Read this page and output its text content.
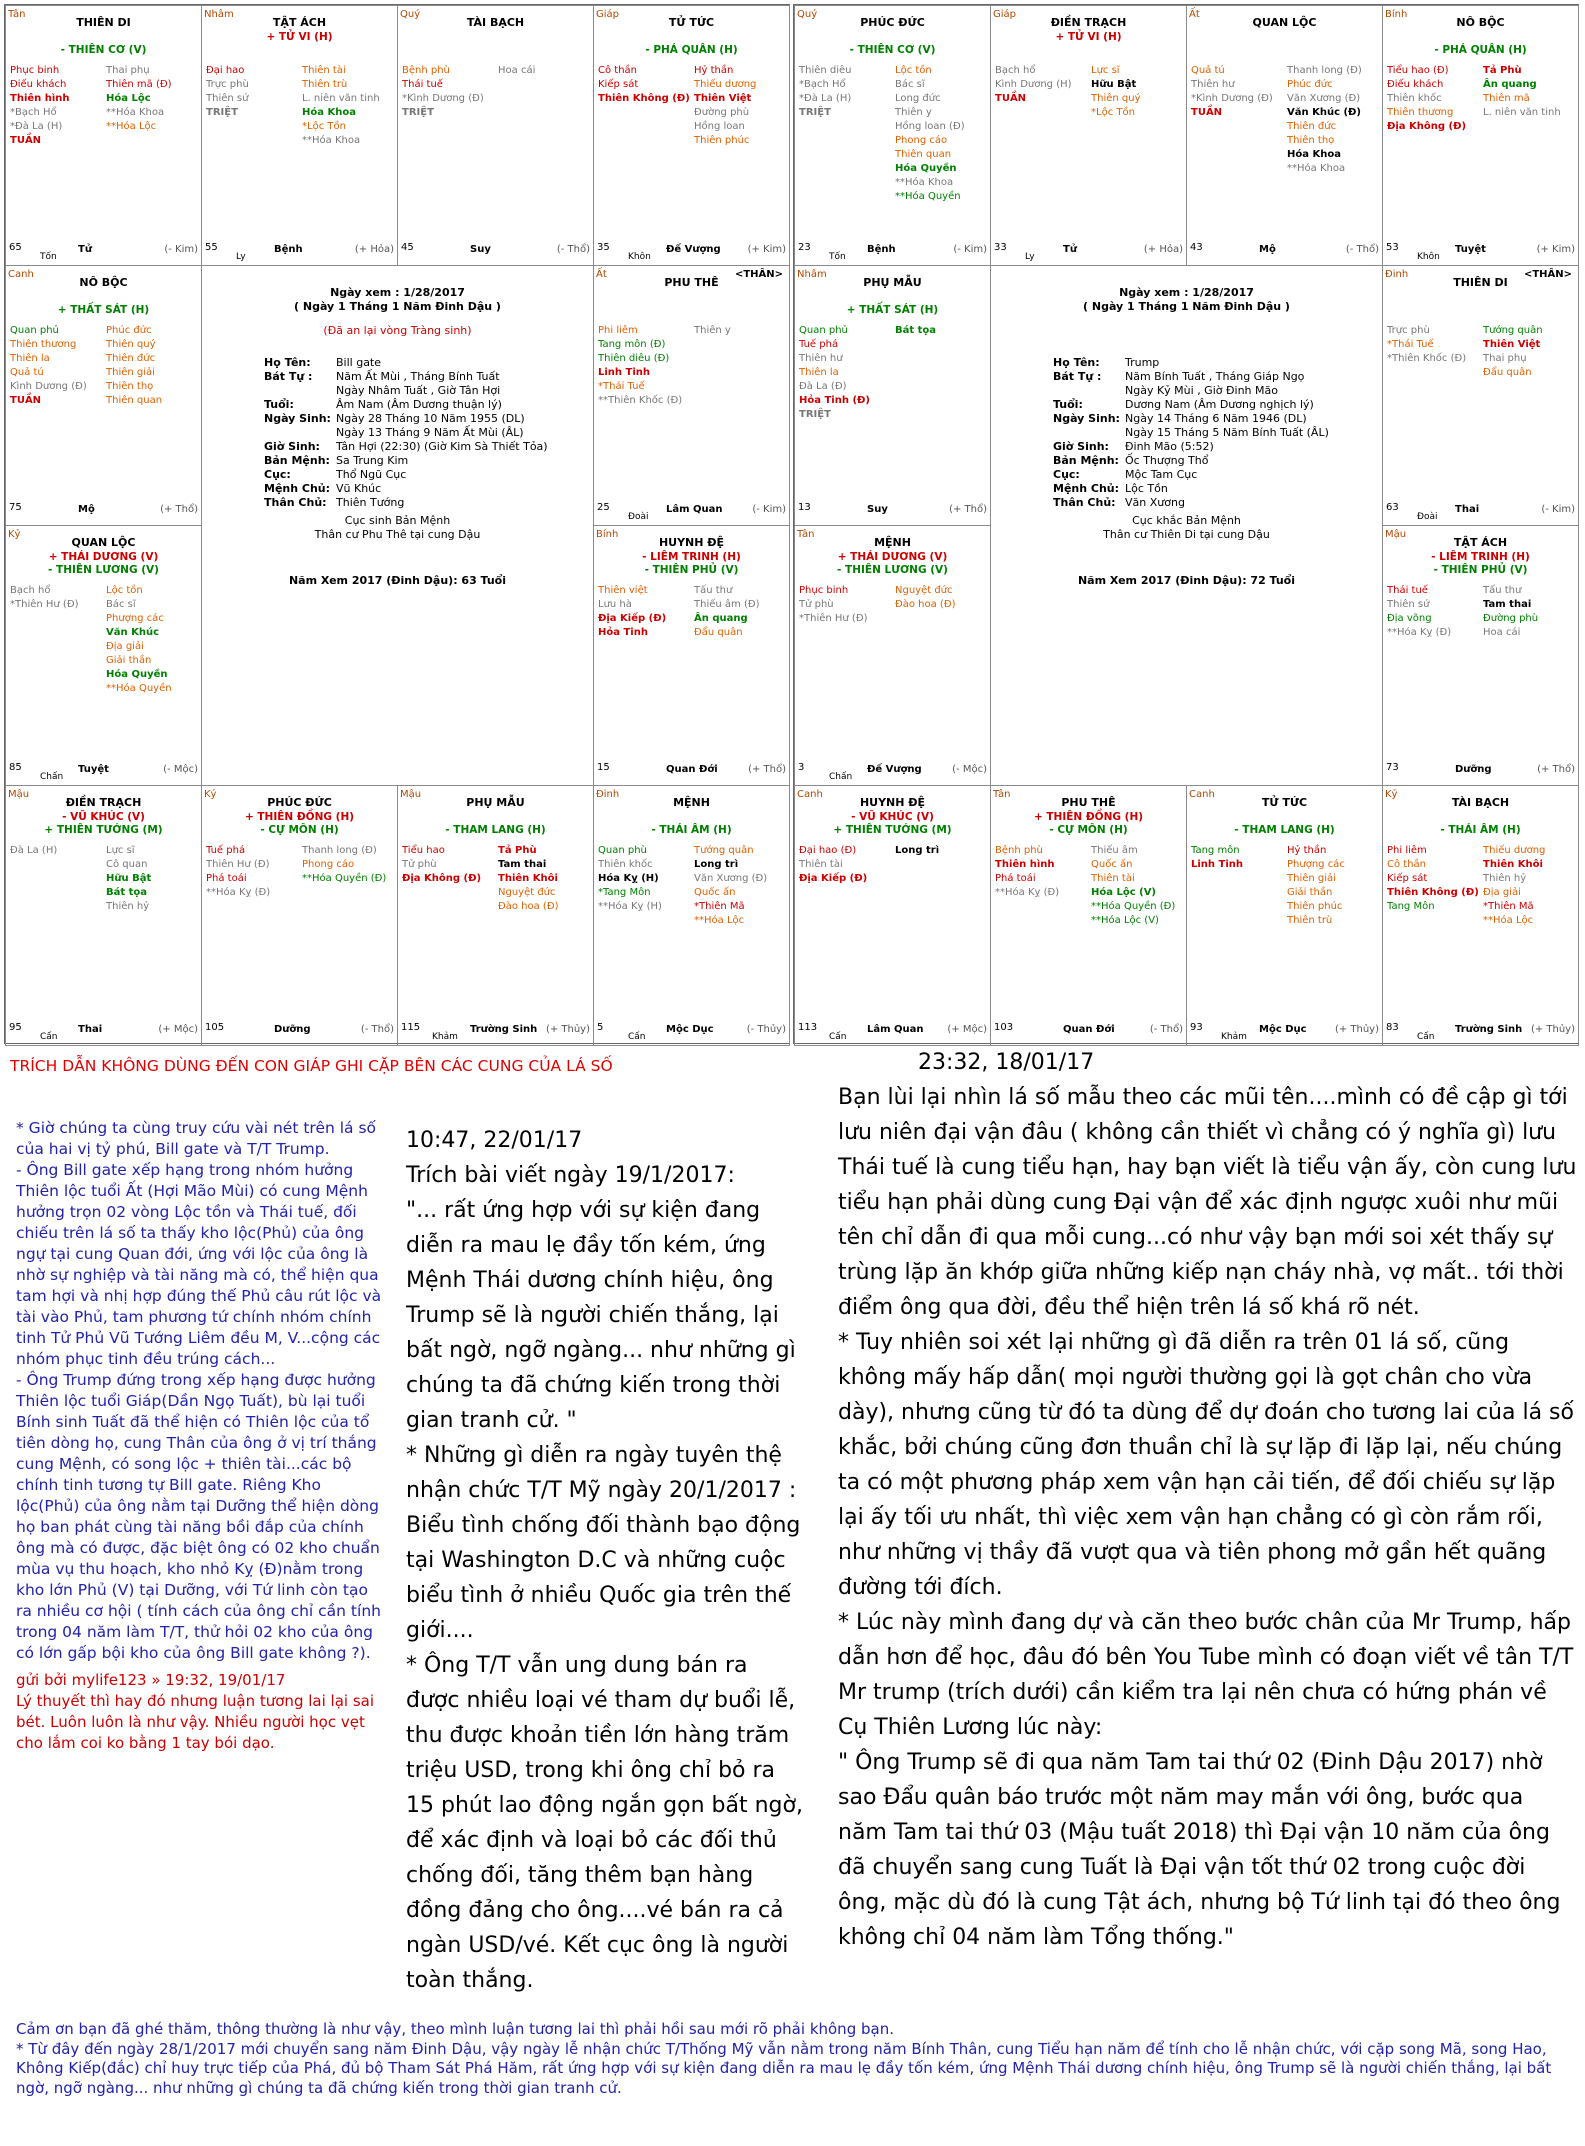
Tân
THIÊN DI
- THIÊN CƠ (V)
Phục binh
Điếu khách
Thiên hình
*Bạch Hổ
*Đà La (H)
TUẦN
Thai phụ
Thiên mã (Đ)
Hóa Lộc
**Hóa Khoa
**Hóa Lộc
65
Tốn
Tử	(- Kim)
Nhâm
TẬT ÁCH
+ TỬ VI (H)
Đại hao
Trực phù
Thiên sứ
TRIỆT
Thiên tài
Thiên trù
L. niên văn tinh
Hóa Khoa
*Lộc Tồn
**Hóa Khoa
55
Ly
Bệnh	(+ Hỏa)
Quý
TÀI BẠCH
Bệnh phù
Thái tuế
*Kình Dương (Đ)
TRIỆT
Hoa cái
45	Suy	(- Thổ)
Giáp
TỬ TỨC
- PHÁ QUÂN (H)
Cô thần
Kiếp sát
Thiên Không (Đ)
Hỷ thần
Thiếu dương
Thiên Việt
Đường phù
Hồng loan
Thiên phúc
35
Khôn
Đế Vượng	(+ Kim)
Canh
NÔ BỘC
+ THẤT SÁT (H)
Quan phủ
Thiên thương
Thiên la
Quả tú
Kình Dương (Đ)
TUẦN
Phúc đức
Thiên quý
Thiên đức
Thiên giải
Thiên thọ
Thiên quan
75	Mộ	(+ Thổ)
Kỷ
QUAN LỘC
+ THÁI DƯƠNG (V)
- THIÊN LƯƠNG (V)
Bạch hổ
*Thiên Hư (Đ)
Lộc tồn
Bác sĩ
Phượng các
Văn Khúc
Địa giải
Giải thần
Hóa Quyền
**Hóa Quyền
85
Chấn
Tuyệt	(- Mộc)
Ất
PHU THÊ
<THÂN>
Phi liêm
Tang môn (Đ)
Thiên diêu (Đ)
Linh Tinh
*Thái Tuế
**Thiên Khốc (Đ)
Thiên y
25
Đoài
Lâm Quan	(- Kim)
Bính
HUYNH ĐỆ
- LIÊM TRINH (H)
- THIÊN PHỦ (V)
Thiên việt
Lưu hà
Địa Kiếp (Đ)
Hỏa Tinh
Tấu thư
Thiếu âm (Đ)
Ân quang
Đẩu quân
15	Quan Đới	(+ Thổ)
Mậu
ĐIỀN TRẠCH
- VŨ KHÚC (V)
+ THIÊN TƯỚNG (M)
Đà La (H)	Lực sĩ
Cô quan
Hữu Bật
Bát tọa
Thiên hỷ
95
Cấn
Thai	(+ Mộc)
Kỷ
PHÚC ĐỨC
+ THIÊN ĐỒNG (H)
- CỰ MÔN (H)
Tuế phá
Thiên Hư (Đ)
Phá toái
**Hóa Kỵ (Đ)
Thanh long (Đ)
Phong cáo
**Hóa Quyền (Đ)
105	Dưỡng	(- Thổ)
Mậu
PHỤ MẪU
- THAM LANG (H)
Tiểu hao
Tử phù
Địa Không (Đ)
Tả Phù
Tam thai
Thiên Khôi
Nguyệt đức
Đào hoa (Đ)
115
Khảm
Trường Sinh (+ Thủy)
Đinh
MỆNH
- THÁI ÂM (H)
Quan phù
Thiên khốc
Hóa Kỵ (H)
*Tang Môn
**Hóa Kỵ (H)
Tướng quân
Long trì
Văn Xương (Đ)
Quốc ấn
*Thiên Mã
**Hóa Lộc
5
Cấn
Mộc Dục	(- Thủy)
Ngày xem : 1/28/2017
( Ngày 1 Tháng 1 Năm Đinh Dậu )
(Đã an lại vòng Tràng sinh)
Họ Tên: Bill gate
Bát Tự : Năm Ất Mùi , Tháng Bính Tuất
Ngày Nhâm Tuất , Giờ Tân Hợi
Tuổi:	Âm Nam (Âm Dương thuận lý)
Ngày Sinh: Ngày 28 Tháng 10 Năm 1955 (DL)
Ngày 13 Tháng 9 Năm Ất Mùi (ÂL)
Giờ Sinh: Tân Hợi (22:30) (Giờ Kim Sà Thiết Tỏa)
Bản Mệnh: Sa Trung Kim
Cục:	Thổ Ngũ Cục
Mệnh Chủ: Vũ Khúc
Thân Chủ: Thiên Tướng
Cục sinh Bản Mệnh
Thân cư Phu Thê tại cung Dậu
Năm Xem 2017 (Đinh Dậu): 63 Tuổi
Quý
PHÚC ĐỨC
- THIÊN CƠ (V)
Thiên diêu
*Bạch Hổ
*Đà La (H)
TRIỆT
Lộc tồn
Bác sĩ
Long đức
Thiên y
Hồng loan (Đ)
Phong cáo
Thiên quan
Hóa Quyền
**Hóa Khoa
**Hóa Quyền
23
Tốn
Bệnh	(- Kim)
Giáp
ĐIỀN TRẠCH
+ TỬ VI (H)
Bạch hổ
Kình Dương (H)
TUẦN
Lực sĩ
Hữu Bật
Thiên quý
*Lộc Tồn
33
Ly
Tử	(+ Hỏa)
Ất
QUAN LỘC
Quả tú
Thiên hư
*Kình Dương (Đ)
TUẦN
Thanh long (Đ)
Phúc đức
Văn Xương (Đ)
Văn Khúc (Đ)
Thiên đức
Thiên thọ
Hóa Khoa
**Hóa Khoa
43	Mộ	(- Thổ)
Bính
NÔ BỘC
- PHÁ QUÂN (H)
Tiểu hao (Đ)
Điếu khách
Thiên khốc
Thiên thương
Địa Không (Đ)
Tả Phù
Ân quang
Thiên mã
L. niên văn tinh
53
Khôn
Tuyệt	(+ Kim)
Nhâm
PHỤ MẪU
+ THẤT SÁT (H)
Quan phủ
Tuế phá
Thiên hư
Thiên la
Đà La (Đ)
Hỏa Tinh (Đ)
TRIỆT
Bát tọa
13	Suy	(+ Thổ)
Tân
MỆNH
+ THÁI DƯƠNG (V)
- THIÊN LƯƠNG (V)
Phục binh
Tử phù
*Thiên Hư (Đ)
Nguyệt đức
Đào hoa (Đ)
3
Chấn
Đế Vượng	(- Mộc)
Đinh
THIÊN DI
<THÂN>
Trực phù
*Thái Tuế
*Thiên Khốc (Đ)
Tướng quân
Thiên Việt
Thai phụ
Đẩu quân
63
Đoài
Thai	(- Kim)
Mậu
TẬT ÁCH
- LIÊM TRINH (H)
- THIÊN PHỦ (V)
Thái tuế
Thiên sứ
Địa võng
**Hóa Kỵ (Đ)
Tấu thư
Tam thai
Đường phù
Hoa cái
73	Dưỡng	(+ Thổ)
Canh
HUYNH ĐỆ
- VŨ KHÚC (V)
+ THIÊN TƯỚNG (M)
Đại hao (Đ)
Thiên tài
Địa Kiếp (Đ)
Long trì
113
Cấn
Lâm Quan (+ Mộc)
Tân
PHU THÊ
+ THIÊN ĐỒNG (H)
- CỰ MÔN (H)
Bệnh phù
Thiên hình
Phá toái
**Hóa Kỵ (Đ)
Thiếu âm
Quốc ấn
Thiên tài
Hóa Lộc (V)
**Hóa Quyền (Đ)
**Hóa Lộc (V)
103	Quan Đới	(- Thổ)
Canh
TỬ TỨC
- THAM LANG (H)
Tang môn
Linh Tinh
Hỷ thần
Phượng các
Thiên giải
Giải thần
Thiên phúc
Thiên trù
93
Khảm
Mộc Dục	(+ Thủy)
Kỷ
TÀI BẠCH
- THÁI ÂM (H)
Phi liêm
Cô thần
Kiếp sát
Thiên Không (Đ)
Tang Môn
Thiếu dương
Thiên Khôi
Thiên hỷ
Địa giải
*Thiên Mã
**Hóa Lộc
83
Cấn
Trường Sinh (+ Thủy)
Ngày xem : 1/28/2017
( Ngày 1 Tháng 1 Năm Đinh Dậu )
Họ Tên: Trump
Bát Tự : Năm Bính Tuất , Tháng Giáp Ngọ
Ngày Kỷ Mùi , Giờ Đinh Mão
Tuổi:	Dương Nam (Âm Dương nghịch lý)
Ngày Sinh: Ngày 14 Tháng 6 Năm 1946 (DL)
Ngày 15 Tháng 5 Năm Bính Tuất (ÂL)
Giờ Sinh: Đinh Mão (5:52)
Bản Mệnh: Ốc Thượng Thổ
Cục:	Mộc Tam Cục
Mệnh Chủ: Lộc Tồn
Thân Chủ: Văn Xương
Cục khắc Bản Mệnh
Thân cư Thiên Di tại cung Dậu
Năm Xem 2017 (Đinh Dậu): 72 Tuổi
TRÍCH DẪN KHÔNG DÙNG ĐẾN CON GIÁP GHI CẶP BÊN CÁC CUNG CỦA LÁ SỐ

* Giờ chúng ta cùng truy cứu vài nét trên lá số của hai vị tỷ phú, Bill gate và T/T Trump.

- Ông Bill gate xếp hạng trong nhóm hưởng Thiên lộc tuổi Ất (Hợi Mão Mùi) có cung Mệnh hưởng trọn 02 vòng Lộc tồn và Thái tuế, đối chiếu trên lá số ta thấy kho lộc(Phủ) của ông ngự tại cung Quan đới, ứng với lộc của ông là nhờ sự nghiệp và tài năng mà có, thể hiện qua tam hợi và nhị hợp đúng thế Phủ câu rút lộc và tài vào Phủ, tam phương tứ chính nhóm chính tinh Tử Phủ Vũ Tướng Liêm đều M, V...cộng các nhóm phục tinh đều trúng cách...

- Ông Trump đứng trong xếp hạng được hưởng Thiên lộc tuổi Giáp(Dần Ngọ Tuất), bù lại tuổi Bính sinh Tuất đã thể hiện có Thiên lộc của tổ tiên dòng họ, cung Thân của ông ở vị trí thắng cung Mệnh, có song lộc + thiên tài...các bộ chính tinh tương tự Bill gate. Riêng Kho lộc(Phủ) của ông nằm tại Dưỡng thể hiện dòng họ ban phát cùng tài năng bồi đắp của chính ông mà có được, đặc biệt ông có 02 kho chuẩn mùa vụ thu hoạch, kho nhỏ Kỵ (Đ)nằm trong kho lớn Phủ (V) tại Dưỡng, với Tứ linh còn tạo ra nhiều cơ hội ( tính cách của ông chỉ cần tính trong 04 năm làm T/T, thử hỏi 02 kho của ông có lớn gấp bội kho của ông Bill gate không ?).

gửi bởi mylife123 » 19:32, 19/01/17

Lý thuyết thì hay đó nhưng luận tương lai lại sai bét. Luôn luôn là như vậy. Nhiều người học vẹt cho lắm coi ko bằng 1 tay bói dạo.

10:47, 22/01/17
Trích bài viết ngày 19/1/2017:
"... rất ứng hợp với sự kiện đang diễn ra mau lẹ đầy tốn kém, ứng Mệnh Thái dương chính hiệu, ông Trump sẽ là người chiến thắng, lại bất ngờ, ngỡ ngàng... như những gì chúng ta đã chứng kiến trong thời gian tranh cử. "
* Những gì diễn ra ngày tuyên thệ nhận chức T/T Mỹ ngày 20/1/2017 : Biểu tình chống đối thành bạo động tại Washington D.C và những cuộc biểu tình ở nhiều Quốc gia trên thế giới....
* Ông T/T vẫn ung dung bán ra được nhiều loại vé tham dự buổi lễ, thu được khoản tiền lớn hàng trăm triệu USD, trong khi ông chỉ bỏ ra 15 phút lao động ngắn gọn bất ngờ, để xác định và loại bỏ các đối thủ chống đối, tăng thêm bạn hàng đồng đảng cho ông....vé bán ra cả ngàn USD/vé. Kết cục ông là người toàn thắng.
23:32, 18/01/17
Bạn lùi lại nhìn lá số mẫu theo các mũi tên....mình có đề cập gì tới lưu niên đại vận đâu ( không cần thiết vì chẳng có ý nghĩa gì) lưu Thái tuế là cung tiểu hạn, hay bạn viết là tiểu vận ấy, còn cung lưu tiểu hạn phải dùng cung Đại vận để xác định ngược xuôi như mũi tên chỉ dẫn đi qua mỗi cung...có như vậy bạn mới soi xét thấy sự trùng lặp ăn khớp giữa những kiếp nạn cháy nhà, vợ mất.. tới thời điểm ông qua đời, đều thể hiện trên lá số khá rõ nét.
* Tuy nhiên soi xét lại những gì đã diễn ra trên 01 lá số, cũng không mấy hấp dẫn( mọi người thường gọi là gọt chân cho vừa dày), nhưng cũng từ đó ta dùng để dự đoán cho tương lai của lá số khắc, bởi chúng cũng đơn thuần chỉ là sự lặp đi lặp lại, nếu chúng ta có một phương pháp xem vận hạn cải tiến, để đối chiếu sự lặp lại ấy tối ưu nhất, thì việc xem vận hạn chẳng có gì còn rắm rối, như những vị thầy đã vượt qua và tiên phong mở gần hết quãng đường tới đích.
* Lúc này mình đang dự và căn theo bước chân của Mr Trump, hấp dẫn hơn để học, đâu đó bên You Tube mình có đoạn viết về tân T/T Mr trump (trích dưới) cần kiểm tra lại nên chưa có hứng phán về Cụ Thiên Lương lúc này:
" Ông Trump sẽ đi qua năm Tam tai thứ 02 (Đinh Dậu 2017) nhờ sao Đẩu quân báo trước một năm may mắn với ông, bước qua năm Tam tai thứ 03 (Mậu tuất 2018) thì Đại vận 10 năm của ông đã chuyển sang cung Tuất là Đại vận tốt thứ 02 trong cuộc đời ông, mặc dù đó là cung Tật ách, nhưng bộ Tứ linh tại đó theo ông không chỉ 04 năm làm Tổng thống."
Cảm ơn bạn đã ghé thăm, thông thường là như vậy, theo mình luận tương lai thì phải hồi sau mới rõ phải không bạn.
* Từ đây đến ngày 28/1/2017 mới chuyển sang năm Đinh Dậu, vậy ngày lễ nhận chức T/Thống Mỹ vẫn nằm trong năm Bính Thân, cung Tiểu hạn năm để tính cho lễ nhận chức, với cặp song Mã, song Hao, Không Kiếp(đắc) chỉ huy trực tiếp của Phá, đủ bộ Tham Sát Phá Hăm, rất ứng hợp với sự kiện đang diễn ra mau lẹ đầy tốn kém, ứng Mệnh Thái dương chính hiệu, ông Trump sẽ là người chiến thắng, lại bất ngờ, ngỡ ngàng... như những gì chúng ta đã chứng kiến trong thời gian tranh cử.
